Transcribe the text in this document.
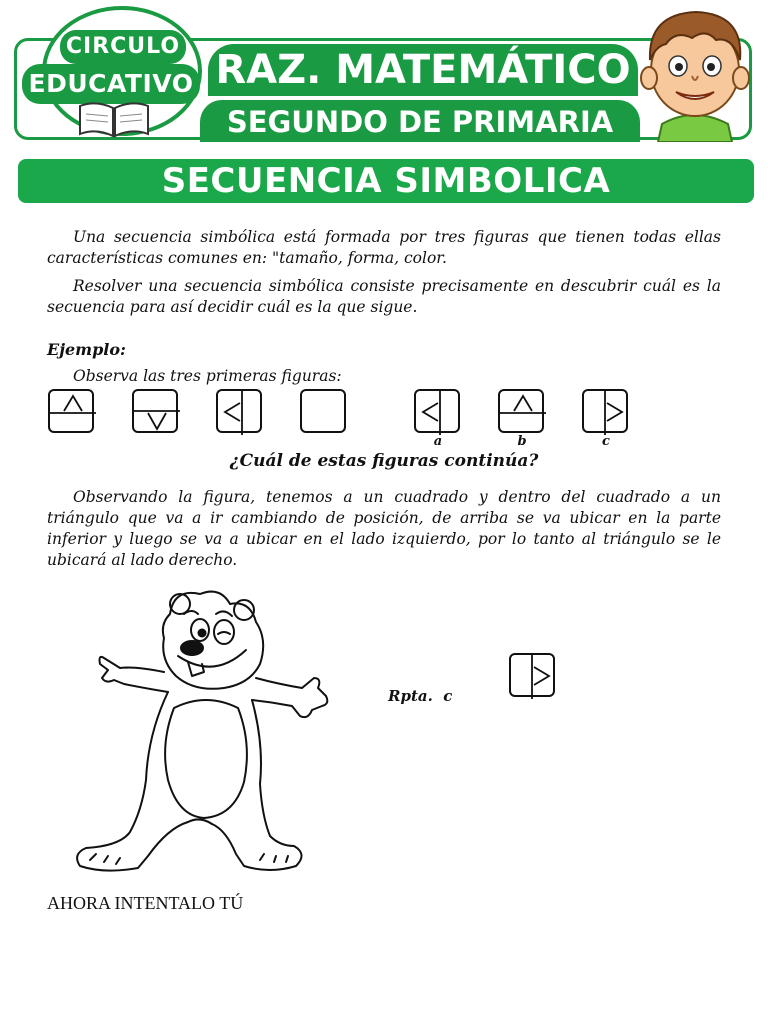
CIRCULO
EDUCATIVO RAZ. MATEMÁTICO
SEGUNDO DE PRIMARIA
SECUENCIA SIMBOLICA
Una secuencia simbólica está formada por tres figuras que tienen todas ellas características comunes en: "tamaño, forma, color.
Resolver una secuencia simbólica consiste precisamente en descubrir cuál es la secuencia para así decidir cuál es la que sigue.
Ejemplo:
Observa las tres primeras figuras:
¿Cuál de estas figuras continúa?
Observando la figura, tenemos a un cuadrado y dentro del cuadrado a un triángulo que va a ir cambiando de posición, de arriba se va ubicar en la parte inferior y luego se va a ubicar en el lado izquierdo, por lo tanto al triángulo se le ubicará al lado derecho.
Rpta. c
AHORA INTENTALO TÚ
a	b	c
